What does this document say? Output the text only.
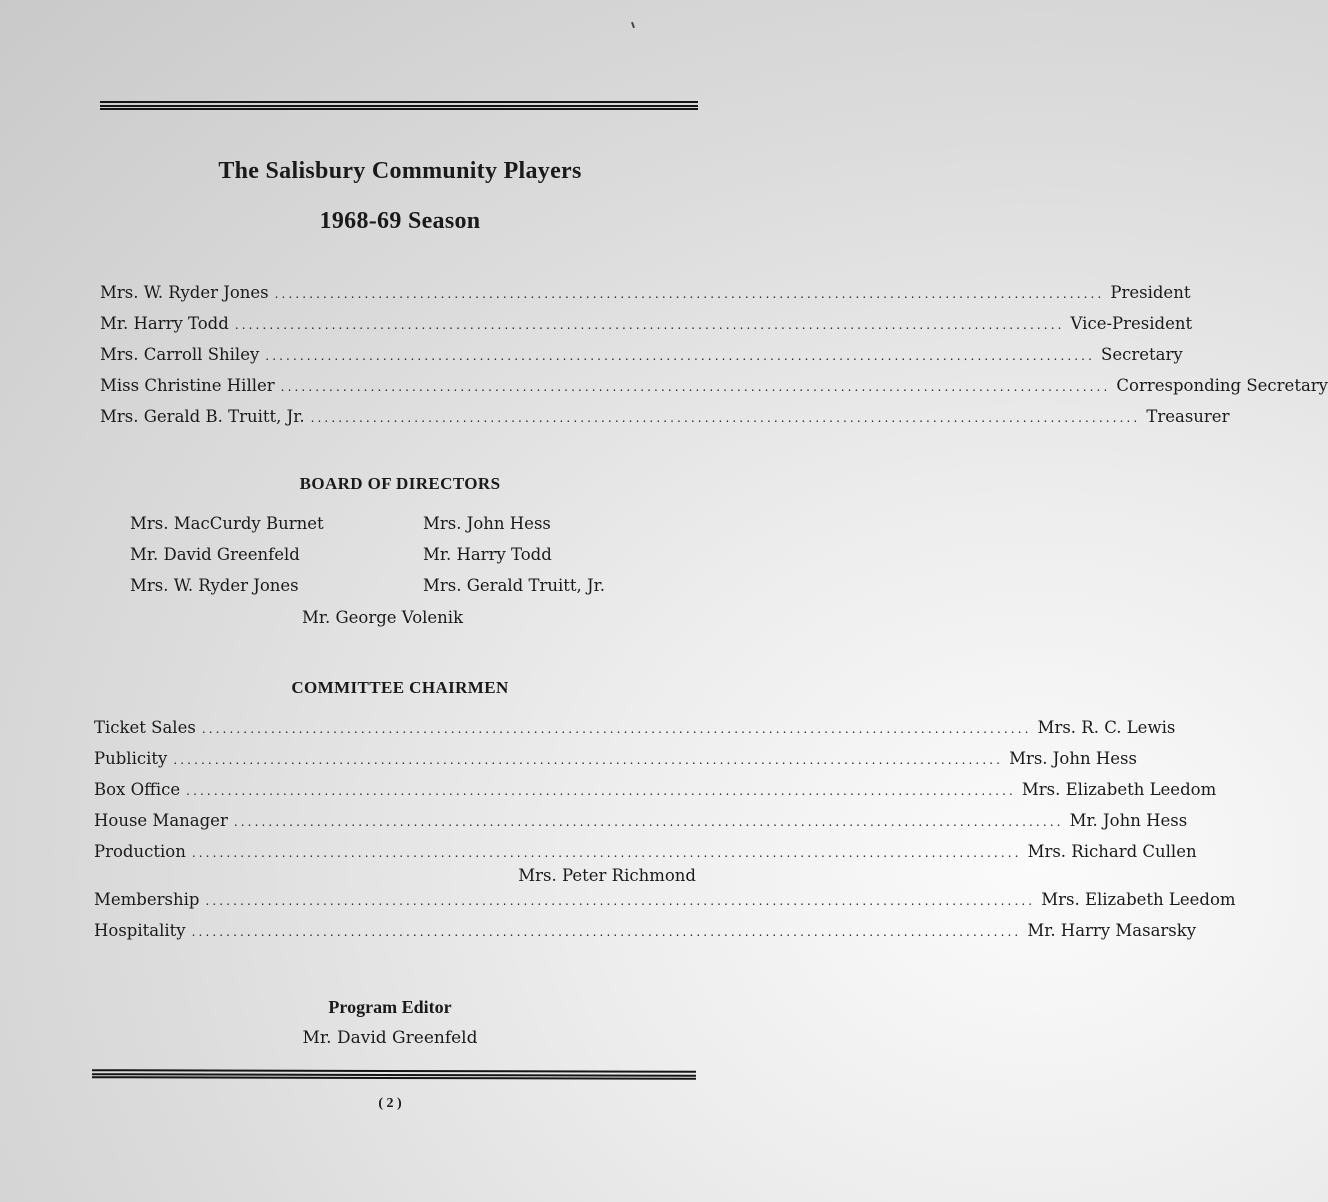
The Salisbury Community Players
1968-69 Season
Mrs. W. Ryder Jones ........................................................................................................................ President
Mr. Harry Todd ........................................................................................................................ Vice-President
Mrs. Carroll Shiley ........................................................................................................................ Secretary
Miss Christine Hiller ........................................................................................................................ Corresponding Secretary
Mrs. Gerald B. Truitt, Jr. ........................................................................................................................ Treasurer
BOARD OF DIRECTORS
Mrs. MacCurdy Burnet
Mr. David Greenfeld
Mrs. W. Ryder Jones
Mrs. John Hess
Mr. Harry Todd
Mrs. Gerald Truitt, Jr.
Mr. George Volenik
COMMITTEE CHAIRMEN
Ticket Sales ........................................................................................................................ Mrs. R. C. Lewis
Publicity ........................................................................................................................ Mrs. John Hess
Box Office ........................................................................................................................ Mrs. Elizabeth Leedom
House Manager ........................................................................................................................ Mr. John Hess
Production ........................................................................................................................ Mrs. Richard Cullen
Mrs. Peter Richmond
Membership ........................................................................................................................ Mrs. Elizabeth Leedom
Hospitality ........................................................................................................................ Mr. Harry Masarsky
Program Editor
Mr. David Greenfeld
( 2 )
